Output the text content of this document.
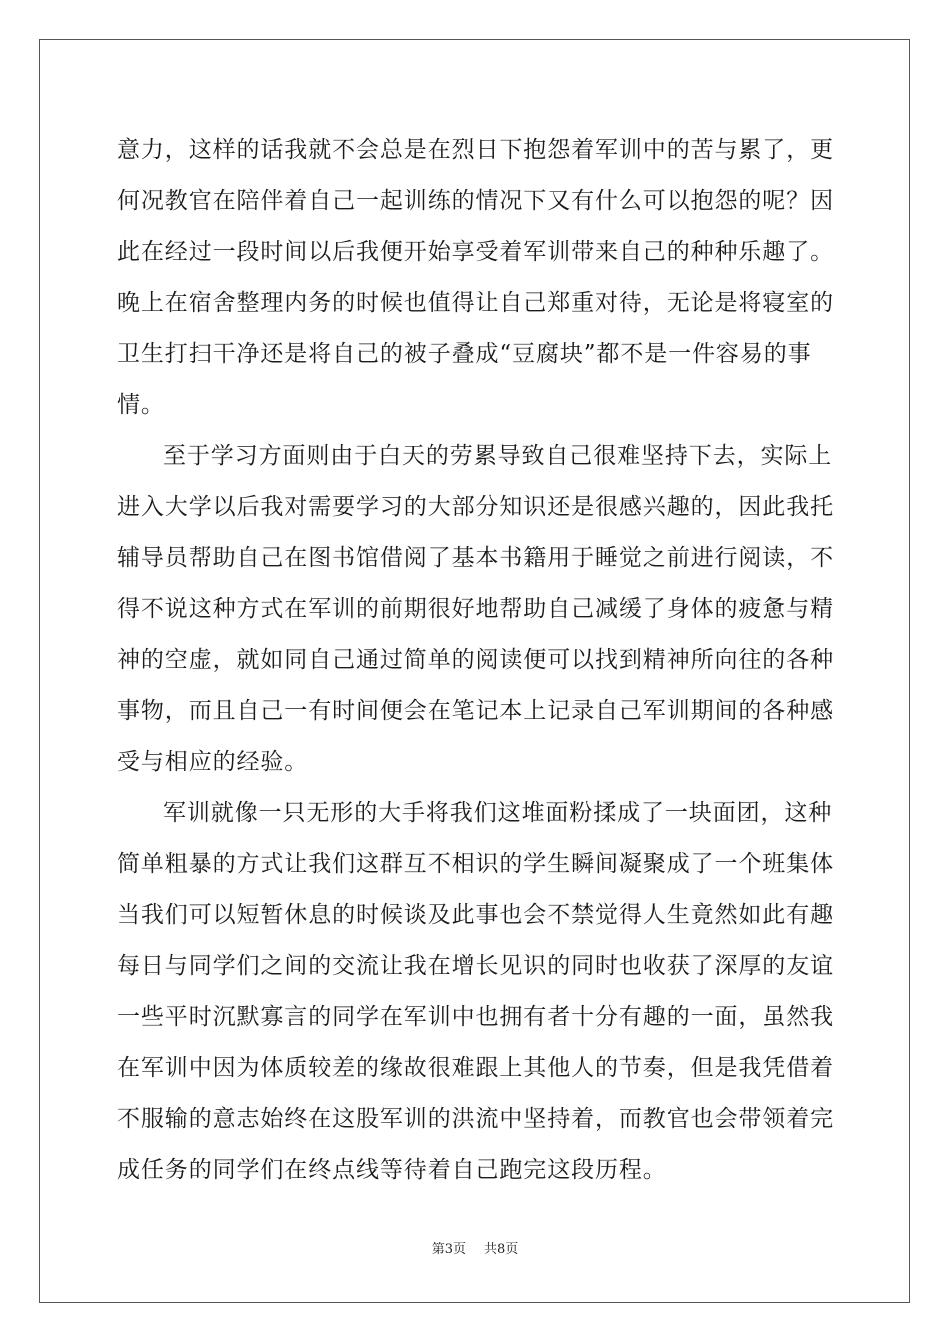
意力，这样的话我就不会总是在烈日下抱怨着军训中的苦与累了，更
何况教官在陪伴着自己一起训练的情况下又有什么可以抱怨的呢？因
此在经过一段时间以后我便开始享受着军训带来自己的种种乐趣了。
晚上在宿舍整理内务的时候也值得让自己郑重对待，无论是将寝室的
卫生打扫干净还是将自己的被子叠成“豆腐块”都不是一件容易的事
情。
至于学习方面则由于白天的劳累导致自己很难坚持下去，实际上
进入大学以后我对需要学习的大部分知识还是很感兴趣的，因此我托
辅导员帮助自己在图书馆借阅了基本书籍用于睡觉之前进行阅读，不
得不说这种方式在军训的前期很好地帮助自己减缓了身体的疲惫与精
神的空虚，就如同自己通过简单的阅读便可以找到精神所向往的各种
事物，而且自己一有时间便会在笔记本上记录自己军训期间的各种感
受与相应的经验。
军训就像一只无形的大手将我们这堆面粉揉成了一块面团，这种
简单粗暴的方式让我们这群互不相识的学生瞬间凝聚成了一个班集体
当我们可以短暂休息的时候谈及此事也会不禁觉得人生竟然如此有趣
每日与同学们之间的交流让我在增长见识的同时也收获了深厚的友谊
一些平时沉默寡言的同学在军训中也拥有者十分有趣的一面，虽然我
在军训中因为体质较差的缘故很难跟上其他人的节奏，但是我凭借着
不服输的意志始终在这股军训的洪流中坚持着，而教官也会带领着完
成任务的同学们在终点线等待着自己跑完这段历程。
第3页 共8页
